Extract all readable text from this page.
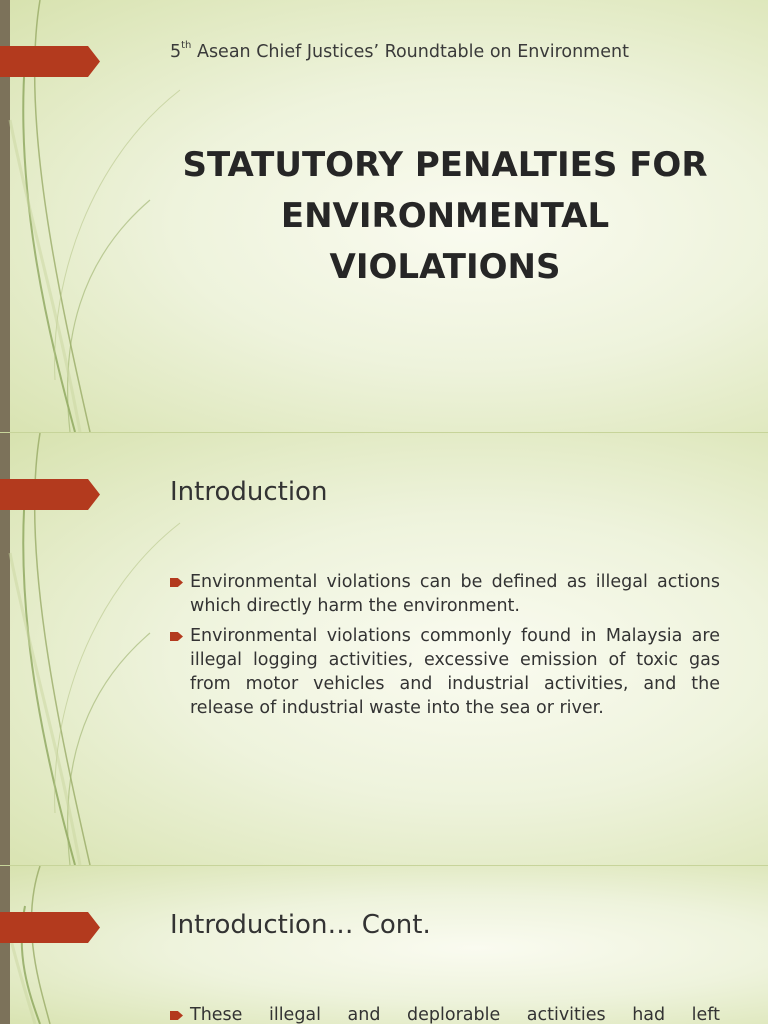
5th Asean Chief Justices’ Roundtable on Environment
STATUTORY PENALTIES FOR
ENVIRONMENTAL
VIOLATIONS
Introduction
Environmental violations can be defined as illegal actions which directly harm the environment.
Environmental violations commonly found in Malaysia are illegal logging activities, excessive emission of toxic gas from motor vehicles and industrial activities, and the release of industrial waste into the sea or river.
Introduction… Cont.
These illegal and deplorable activities had left
